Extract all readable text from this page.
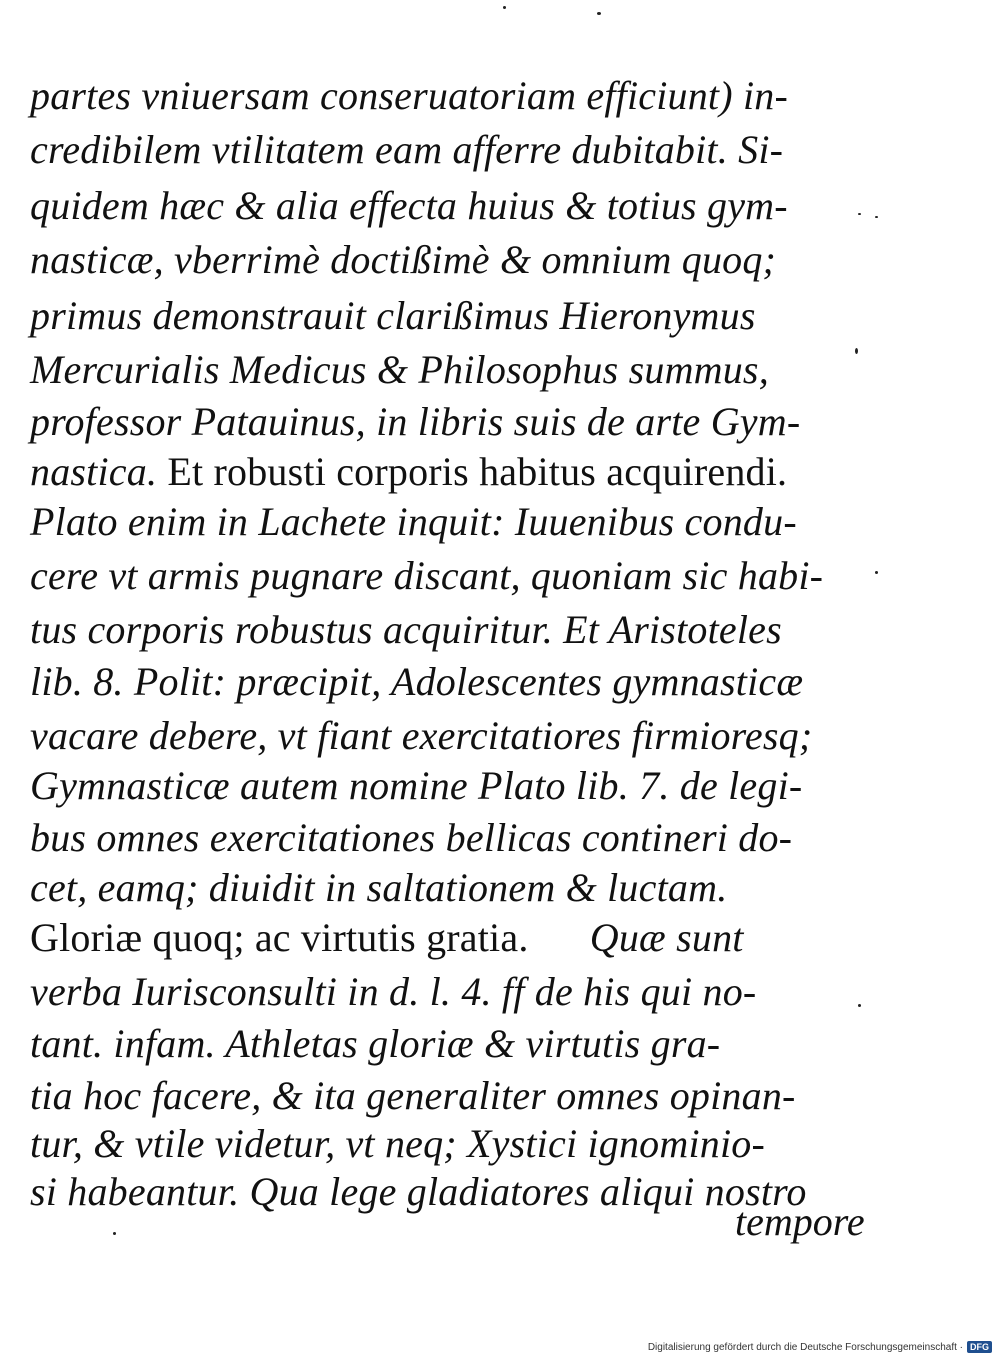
partes vniuersam conseruatoriam efficiunt) in-
credibilem vtilitatem eam afferre dubitabit. Si-
quidem hæc & alia effecta huius & totius gym-
nasticæ, vberrimè doctißimè & omnium quoq;
primus demonstrauit clarißimus Hieronymus
Mercurialis Medicus & Philosophus summus,
professor Patauinus, in libris suis de arte Gym-
nastica. Et robusti corporis habitus acquirendi.
Plato enim in Lachete inquit: Iuuenibus condu-
cere vt armis pugnare discant, quoniam sic habi-
tus corporis robustus acquiritur. Et Aristoteles
lib. 8. Polit: præcipit, Adolescentes gymnasticæ
vacare debere, vt fiant exercitatiores firmioresq;
Gymnasticæ autem nomine Plato lib. 7. de legi-
bus omnes exercitationes bellicas contineri do-
cet, eamq; diuidit in saltationem & luctam.
Gloriæ quoq; ac virtutis gratia.      Quæ sunt
verba Iurisconsulti in d. l. 4. ff de his qui no-
tant. infam. Athletas gloriæ & virtutis gra-
tia hoc facere, & ita generaliter omnes opinan-
tur, & vtile videtur, vt neq; Xystici ignominio-
si habeantur. Qua lege gladiatores aliqui nostro
tempore
Digitalisierung gefördert durch die Deutsche Forschungsgemeinschaft · DFG
